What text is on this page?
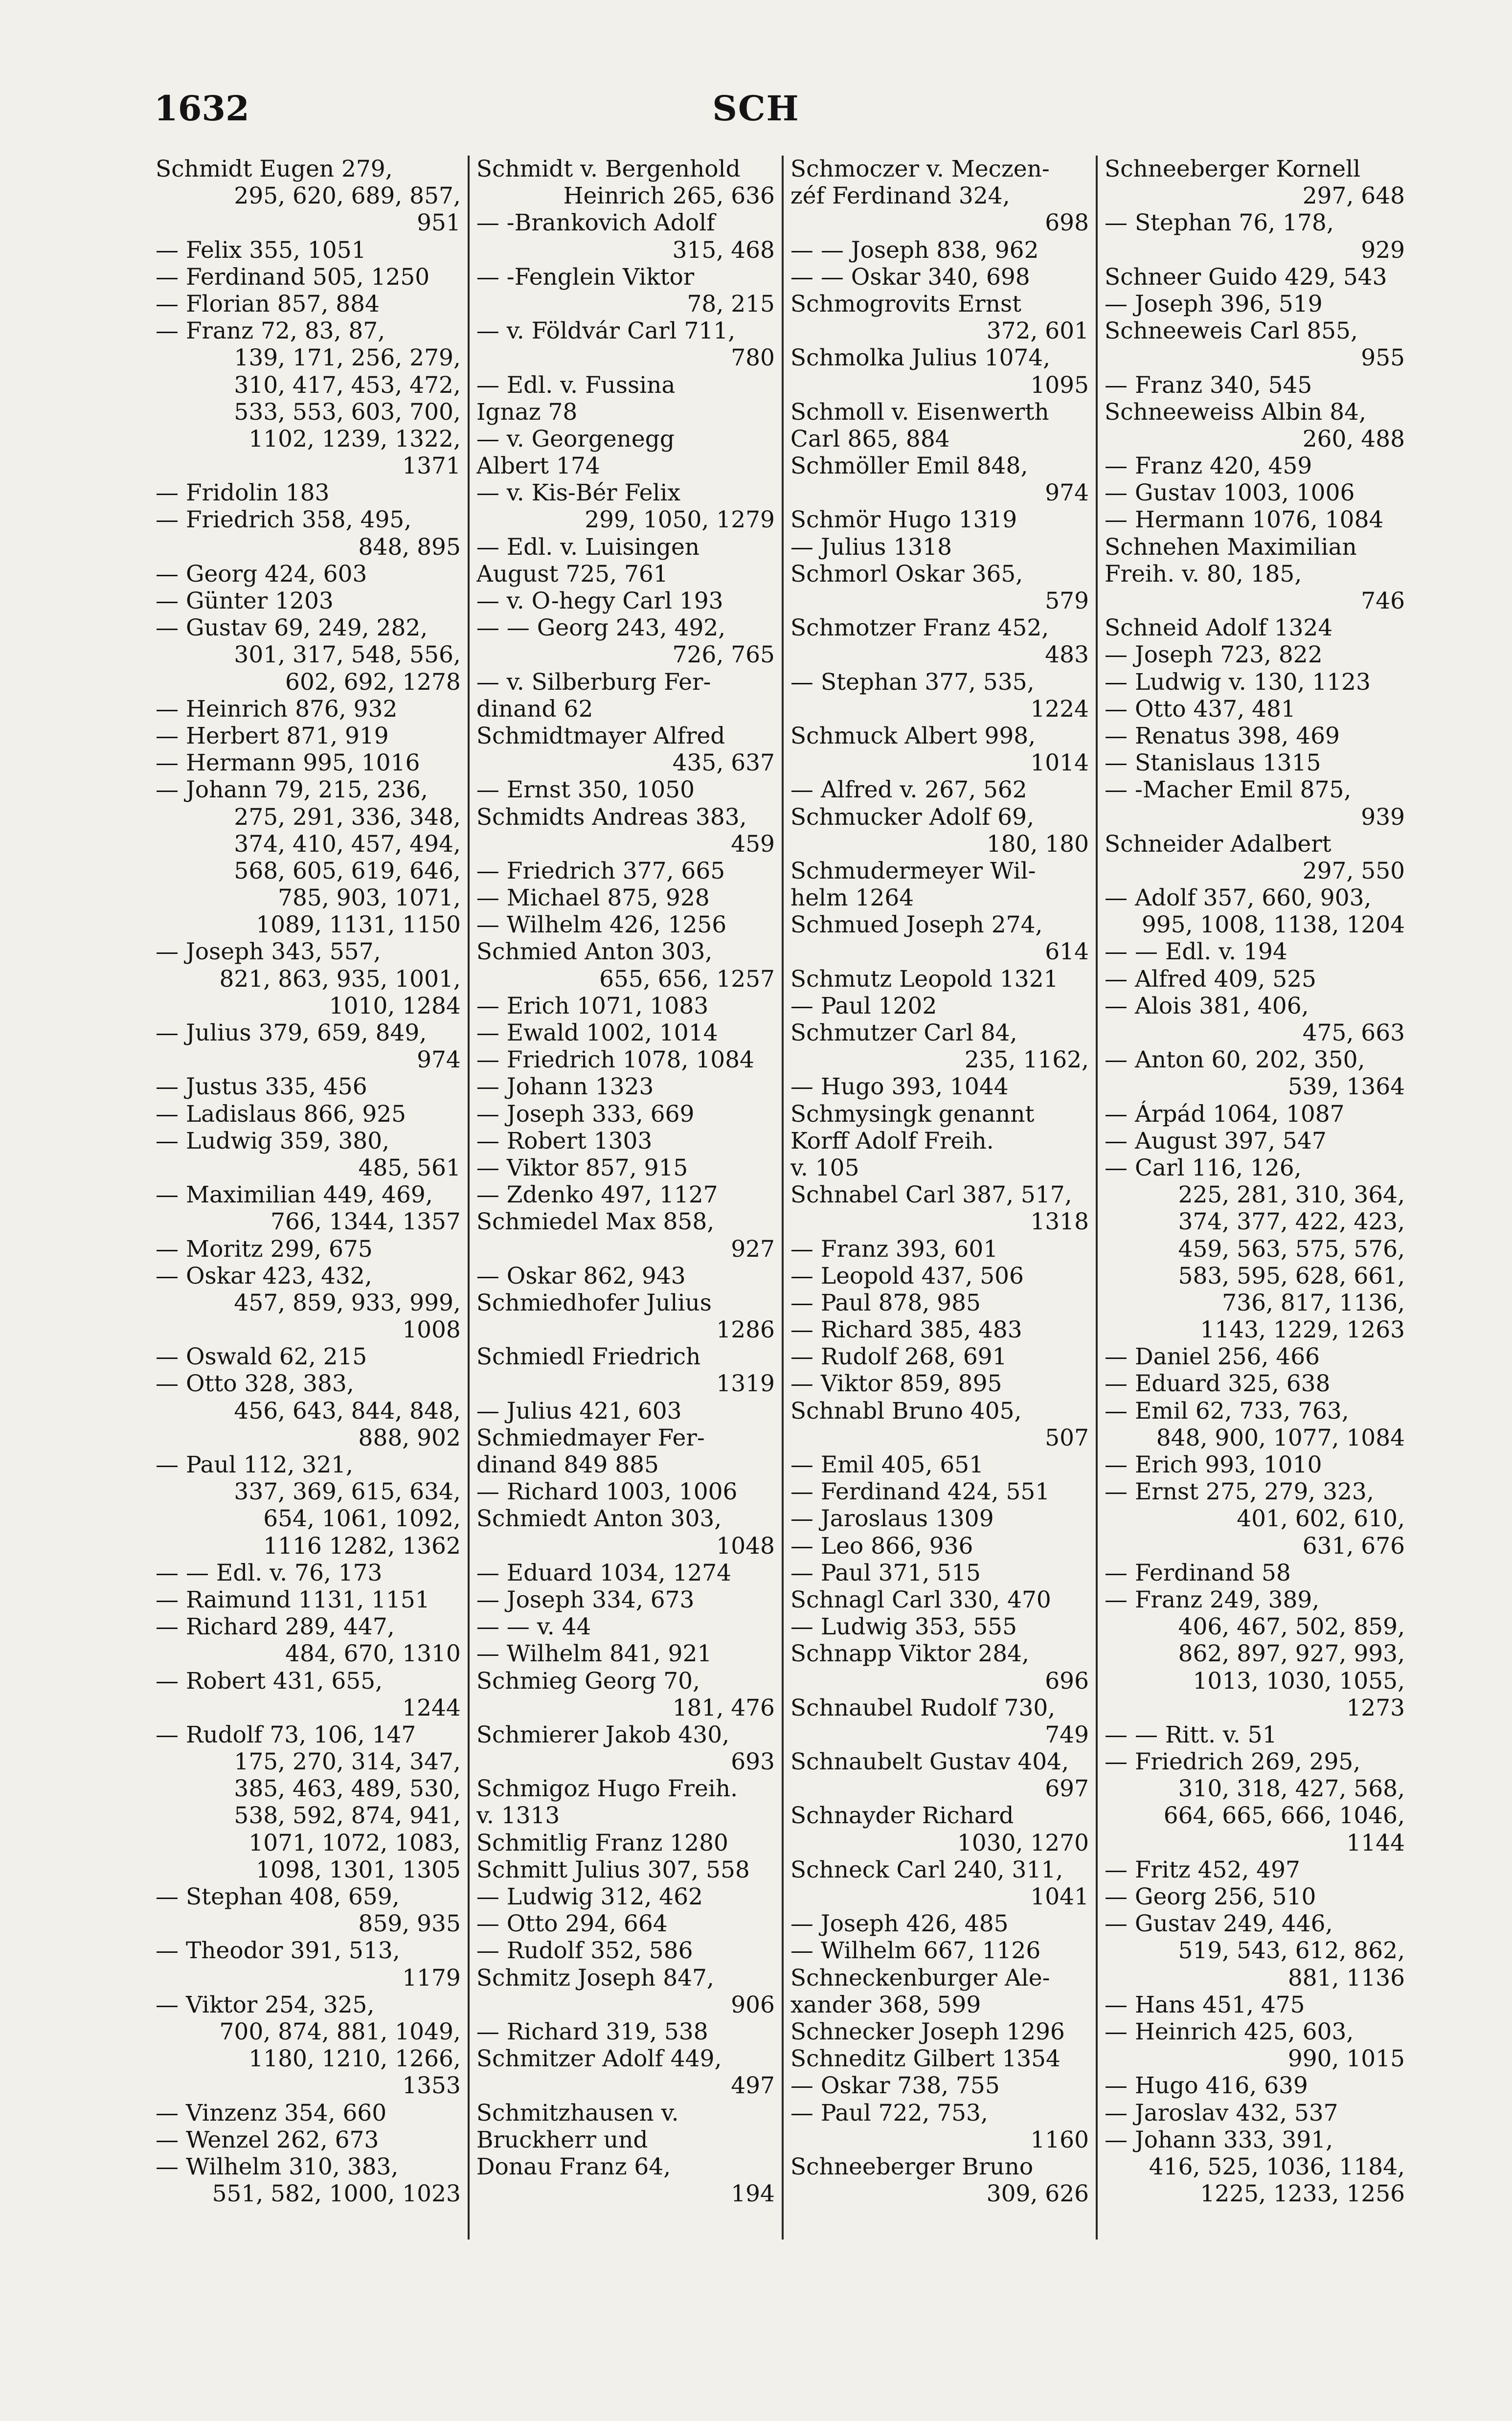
1632	SCH
Schmidt Eugen 279,
295, 620, 689, 857,
951
— Felix 355, 1051
— Ferdinand 505, 1250
— Florian 857, 884
— Franz 72, 83, 87,
139, 171, 256, 279,
310, 417, 453, 472,
533, 553, 603, 700,
1102, 1239, 1322,
1371
— Fridolin 183
— Friedrich 358, 495,
848, 895
— Georg 424, 603
— Günter 1203
— Gustav 69, 249, 282,
301, 317, 548, 556,
602, 692, 1278
— Heinrich 876, 932
— Herbert 871, 919
— Hermann 995, 1016
— Johann 79, 215, 236,
275, 291, 336, 348,
374, 410, 457, 494,
568, 605, 619, 646,
785, 903, 1071,
1089, 1131, 1150
— Joseph 343, 557,
821, 863, 935, 1001,
1010, 1284
— Julius 379, 659, 849,
974
— Justus 335, 456
— Ladislaus 866, 925
— Ludwig 359, 380,
485, 561
— Maximilian 449, 469,
766, 1344, 1357
— Moritz 299, 675
— Oskar 423, 432,
457, 859, 933, 999,
1008
— Oswald 62, 215
— Otto 328, 383,
456, 643, 844, 848,
888, 902
— Paul 112, 321,
337, 369, 615, 634,
654, 1061, 1092,
1116 1282, 1362
— — Edl. v. 76, 173
— Raimund 1131, 1151
— Richard 289, 447,
484, 670, 1310
— Robert 431, 655,
1244
— Rudolf 73, 106, 147
175, 270, 314, 347,
385, 463, 489, 530,
538, 592, 874, 941,
1071, 1072, 1083,
1098, 1301, 1305
— Stephan 408, 659,
859, 935
— Theodor 391, 513,
1179
— Viktor 254, 325,
700, 874, 881, 1049,
1180, 1210, 1266,
1353
— Vinzenz 354, 660
— Wenzel 262, 673
— Wilhelm 310, 383,
551, 582, 1000, 1023
Schmidt v. Bergenhold
Heinrich 265, 636
— -Brankovich Adolf
315, 468
— -Fenglein Viktor
78, 215
— v. Földvár Carl 711,
780
— Edl. v. Fussina
Ignaz 78
— v. Georgenegg
Albert 174
— v. Kis-Bér Felix
299, 1050, 1279
— Edl. v. Luisingen
August 725, 761
— v. O-hegy Carl 193
— — Georg 243, 492,
726, 765
— v. Silberburg Fer-
dinand 62
Schmidtmayer Alfred
435, 637
— Ernst 350, 1050
Schmidts Andreas 383,
459
— Friedrich 377, 665
— Michael 875, 928
— Wilhelm 426, 1256
Schmied Anton 303,
655, 656, 1257
— Erich 1071, 1083
— Ewald 1002, 1014
— Friedrich 1078, 1084
— Johann 1323
— Joseph 333, 669
— Robert 1303
— Viktor 857, 915
— Zdenko 497, 1127
Schmiedel Max 858,
927
— Oskar 862, 943
Schmiedhofer Julius
1286
Schmiedl Friedrich
1319
— Julius 421, 603
Schmiedmayer Fer-
dinand 849 885
— Richard 1003, 1006
Schmiedt Anton 303,
1048
— Eduard 1034, 1274
— Joseph 334, 673
— — v. 44
— Wilhelm 841, 921
Schmieg Georg 70,
181, 476
Schmierer Jakob 430,
693
Schmigoz Hugo Freih.
v. 1313
Schmitlig Franz 1280
Schmitt Julius 307, 558
— Ludwig 312, 462
— Otto 294, 664
— Rudolf 352, 586
Schmitz Joseph 847,
906
— Richard 319, 538
Schmitzer Adolf 449,
497
Schmitzhausen v.
Bruckherr und
Donau Franz 64,
194
Schmoczer v. Meczen-
zéf Ferdinand 324,
698
— — Joseph 838, 962
— — Oskar 340, 698
Schmogrovits Ernst
372, 601
Schmolka Julius 1074,
1095
Schmoll v. Eisenwerth
Carl 865, 884
Schmöller Emil 848,
974
Schmör Hugo 1319
— Julius 1318
Schmorl Oskar 365,
579
Schmotzer Franz 452,
483
— Stephan 377, 535,
1224
Schmuck Albert 998,
1014
— Alfred v. 267, 562
Schmucker Adolf 69,
180, 180
Schmudermeyer Wil-
helm 1264
Schmued Joseph 274,
614
Schmutz Leopold 1321
— Paul 1202
Schmutzer Carl 84,
235, 1162,
— Hugo 393, 1044
Schmysingk genannt
Korff Adolf Freih.
v. 105
Schnabel Carl 387, 517,
1318
— Franz 393, 601
— Leopold 437, 506
— Paul 878, 985
— Richard 385, 483
— Rudolf 268, 691
— Viktor 859, 895
Schnabl Bruno 405,
507
— Emil 405, 651
— Ferdinand 424, 551
— Jaroslaus 1309
— Leo 866, 936
— Paul 371, 515
Schnagl Carl 330, 470
— Ludwig 353, 555
Schnapp Viktor 284,
696
Schnaubel Rudolf 730,
749
Schnaubelt Gustav 404,
697
Schnayder Richard
1030, 1270
Schneck Carl 240, 311,
1041
— Joseph 426, 485
— Wilhelm 667, 1126
Schneckenburger Ale-
xander 368, 599
Schnecker Joseph 1296
Schneditz Gilbert 1354
— Oskar 738, 755
— Paul 722, 753,
1160
Schneeberger Bruno
309, 626
Schneeberger Kornell
297, 648
— Stephan 76, 178,
929
Schneer Guido 429, 543
— Joseph 396, 519
Schneeweis Carl 855,
955
— Franz 340, 545
Schneeweiss Albin 84,
260, 488
— Franz 420, 459
— Gustav 1003, 1006
— Hermann 1076, 1084
Schnehen Maximilian
Freih. v. 80, 185,
746
Schneid Adolf 1324
— Joseph 723, 822
— Ludwig v. 130, 1123
— Otto 437, 481
— Renatus 398, 469
— Stanislaus 1315
— -Macher Emil 875,
939
Schneider Adalbert
297, 550
— Adolf 357, 660, 903,
995, 1008, 1138, 1204
— — Edl. v. 194
— Alfred 409, 525
— Alois 381, 406,
475, 663
— Anton 60, 202, 350,
539, 1364
— Árpád 1064, 1087
— August 397, 547
— Carl 116, 126,
225, 281, 310, 364,
374, 377, 422, 423,
459, 563, 575, 576,
583, 595, 628, 661,
736, 817, 1136,
1143, 1229, 1263
— Daniel 256, 466
— Eduard 325, 638
— Emil 62, 733, 763,
848, 900, 1077, 1084
— Erich 993, 1010
— Ernst 275, 279, 323,
401, 602, 610,
631, 676
— Ferdinand 58
— Franz 249, 389,
406, 467, 502, 859,
862, 897, 927, 993,
1013, 1030, 1055,
1273
— — Ritt. v. 51
— Friedrich 269, 295,
310, 318, 427, 568,
664, 665, 666, 1046,
1144
— Fritz 452, 497
— Georg 256, 510
— Gustav 249, 446,
519, 543, 612, 862,
881, 1136
— Hans 451, 475
— Heinrich 425, 603,
990, 1015
— Hugo 416, 639
— Jaroslav 432, 537
— Johann 333, 391,
416, 525, 1036, 1184,
1225, 1233, 1256
